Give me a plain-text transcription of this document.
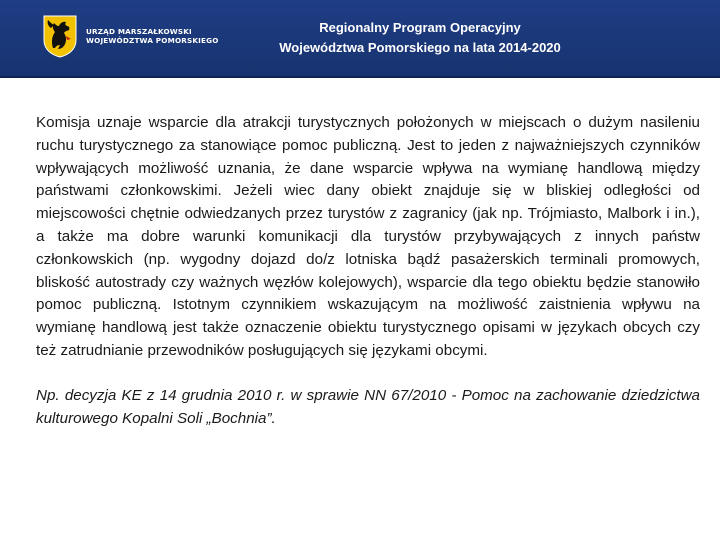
URZĄD MARSZAŁKOWSKI
WOJEWÓDZTWA POMORSKIEGO
Regionalny Program Operacyjny
Województwa Pomorskiego na lata 2014-2020

Komisja uznaje wsparcie dla atrakcji turystycznych położonych w miejscach o dużym nasileniu ruchu turystycznego za stanowiące pomoc publiczną. Jest to jeden z najważniejszych czynników wpływających możliwość uznania, że dane wsparcie wpływa na wymianę handlową między państwami członkowskimi. Jeżeli wiec dany obiekt znajduje się w bliskiej odległości od miejscowości chętnie odwiedzanych przez turystów z zagranicy (jak np. Trójmiasto, Malbork i in.), a także ma dobre warunki komunikacji dla turystów przybywających z innych państw członkowskich (np. wygodny dojazd do/z lotniska bądź pasażerskich terminali promowych, bliskość autostrady czy ważnych węzłów kolejowych), wsparcie dla tego obiektu będzie stanowiło pomoc publiczną. Istotnym czynnikiem wskazującym na możliwość zaistnienia wpływu na wymianę handlową jest także oznaczenie obiektu turystycznego opisami w językach obcych czy też zatrudnianie przewodników posługujących się językami obcymi.

Np. decyzja KE z 14 grudnia 2010 r. w sprawie NN 67/2010 - Pomoc na zachowanie dziedzictwa kulturowego Kopalni Soli „Bochnia”.
